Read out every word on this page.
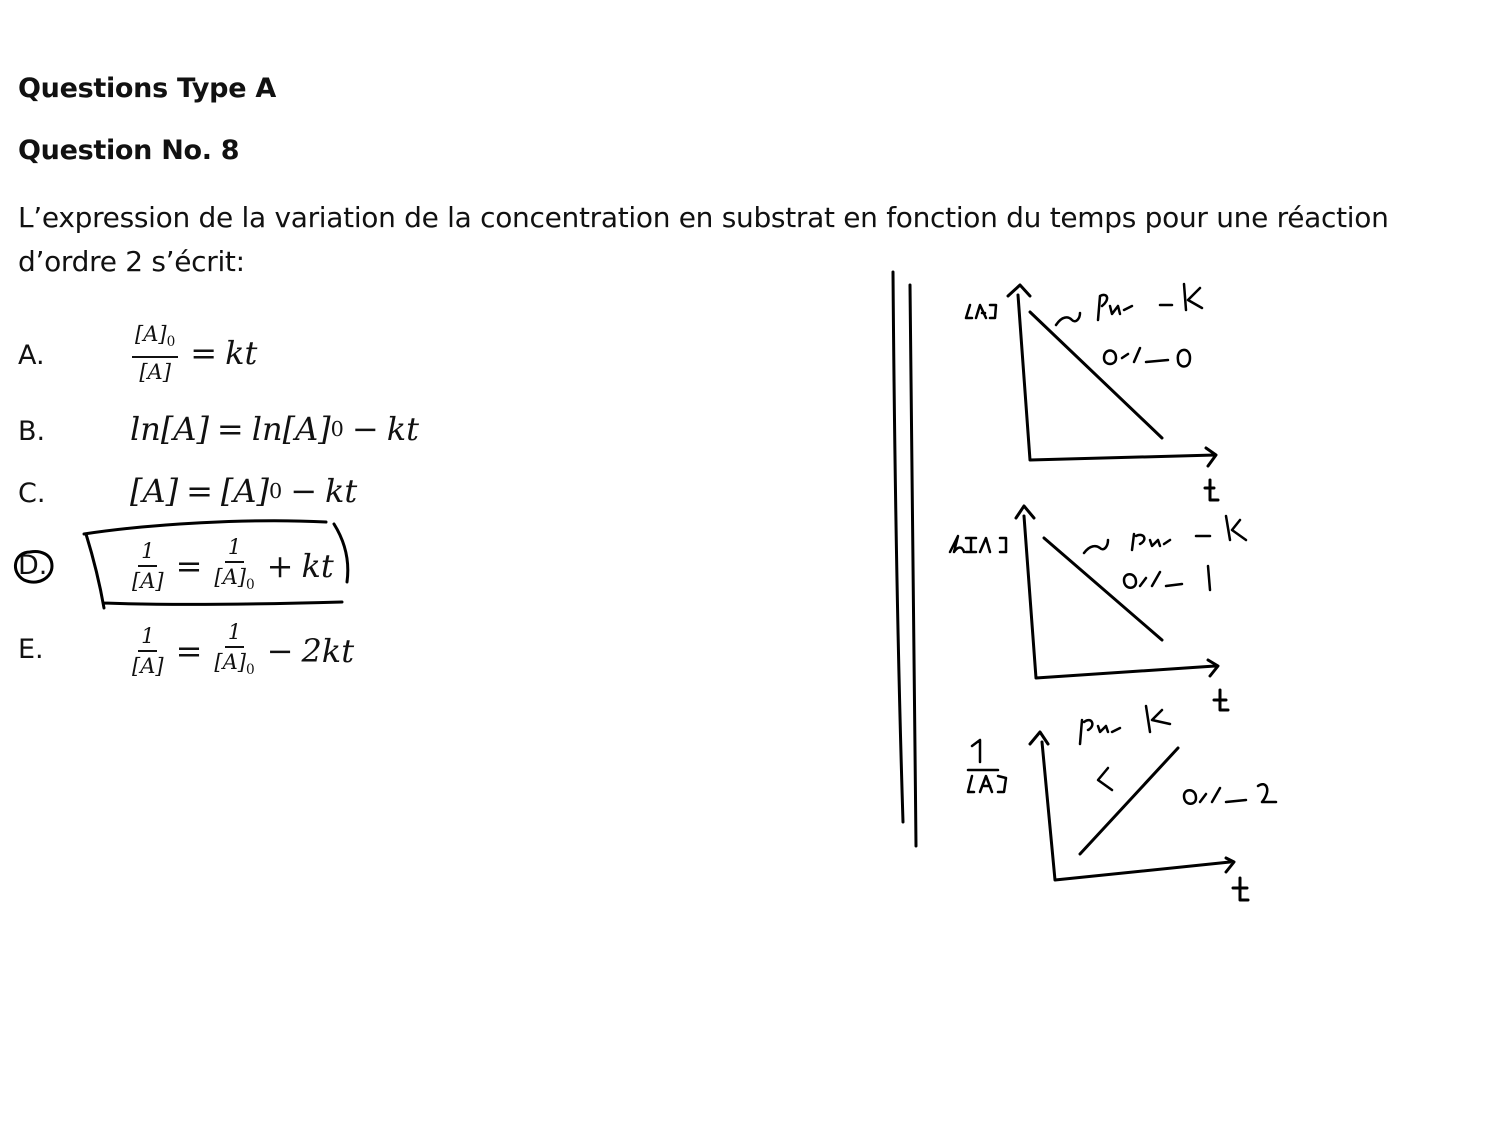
Questions Type A
Question No. 8
L’expression de la variation de la concentration en substrat en fonction du temps pour une réaction
d’ordre 2 s’écrit:
A.	$\frac{[A]_0}{[A]}$ = kt
B.	ln[A] = ln[A] 0 − kt
C.	[A] = [A] 0 − kt
D.	$\frac{1}{[A]} = \frac{1}{[A]_0}$ + kt
E.	$\frac{1}{[A]} = \frac{1}{[A]_0} - 2kt$
